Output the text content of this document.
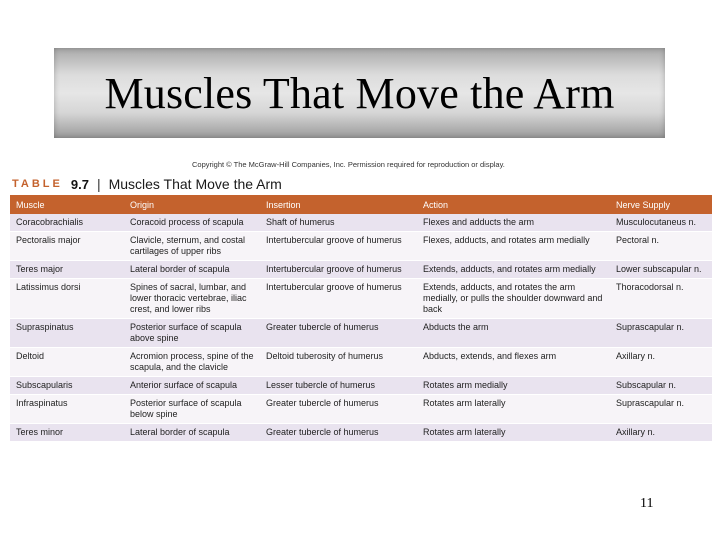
Muscles That Move the Arm
Copyright © The McGraw-Hill Companies, Inc. Permission required for reproduction or display.
TABLE 9.7 | Muscles That Move the Arm
Muscle	Origin	Insertion	Action	Nerve Supply
Coracobrachialis	Coracoid process of scapula	Shaft of humerus	Flexes and adducts the arm	Musculocutaneus n.
Pectoralis major	Clavicle, sternum, and costal cartilages of upper ribs	Intertubercular groove of humerus	Flexes, adducts, and rotates arm medially	Pectoral n.
Teres major	Lateral border of scapula	Intertubercular groove of humerus	Extends, adducts, and rotates arm medially	Lower subscapular n.
Latissimus dorsi	Spines of sacral, lumbar, and lower thoracic vertebrae, iliac crest, and lower ribs	Intertubercular groove of humerus	Extends, adducts, and rotates the arm medially, or pulls the shoulder downward and back	Thoracodorsal n.
Supraspinatus	Posterior surface of scapula above spine	Greater tubercle of humerus	Abducts the arm	Suprascapular n.
Deltoid	Acromion process, spine of the scapula, and the clavicle	Deltoid tuberosity of humerus	Abducts, extends, and flexes arm	Axillary n.
Subscapularis	Anterior surface of scapula	Lesser tubercle of humerus	Rotates arm medially	Subscapular n.
Infraspinatus	Posterior surface of scapula below spine	Greater tubercle of humerus	Rotates arm laterally	Suprascapular n.
Teres minor	Lateral border of scapula	Greater tubercle of humerus	Rotates arm laterally	Axillary n.
11
